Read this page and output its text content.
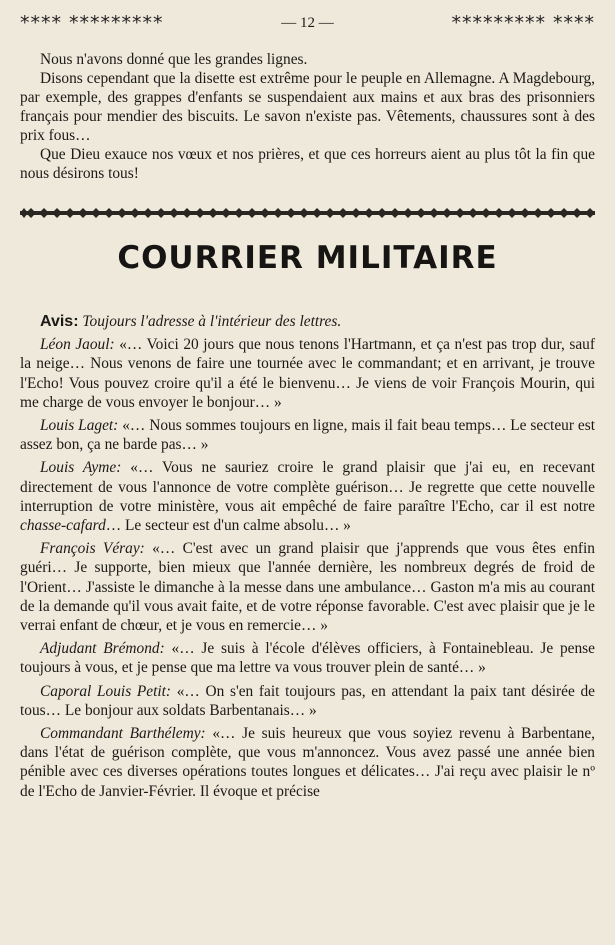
**** *********	— 12 —	********* ****

Nous n'avons donné que les grandes lignes.

Disons cependant que la disette est extrême pour le peuple en Allemagne. A Magdebourg, par exemple, des grappes d'enfants se suspendaient aux mains et aux bras des prisonniers français pour mendier des biscuits. Le savon n'existe pas. Vêtements, chaussures sont à des prix fous…

Que Dieu exauce nos vœux et nos prières, et que ces horreurs aient au plus tôt la fin que nous désirons tous!

COURRIER MILITAIRE

Avis: Toujours l'adresse à l'intérieur des lettres.

Léon Jaoul: «… Voici 20 jours que nous tenons l'Hartmann, et ça n'est pas trop dur, sauf la neige… Nous venons de faire une tournée avec le commandant; et en arrivant, je trouve l'Echo! Vous pouvez croire qu'il a été le bienvenu… Je viens de voir François Mourin, qui me charge de vous envoyer le bonjour… »

Louis Laget: «… Nous sommes toujours en ligne, mais il fait beau temps… Le secteur est assez bon, ça ne barde pas… »

Louis Ayme: «… Vous ne sauriez croire le grand plaisir que j'ai eu, en recevant directement de vous l'annonce de votre complète guérison… Je regrette que cette nouvelle interruption de votre ministère, vous ait empêché de faire paraître l'Echo, car il est notre chasse-cafard… Le secteur est d'un calme absolu… »

François Véray: «… C'est avec un grand plaisir que j'apprends que vous êtes enfin guéri… Je supporte, bien mieux que l'année dernière, les nombreux degrés de froid de l'Orient… J'assiste le dimanche à la messe dans une ambulance… Gaston m'a mis au courant de la demande qu'il vous avait faite, et de votre réponse favorable. C'est avec plaisir que je le verrai enfant de chœur, et je vous en remercie… »

Adjudant Brémond: «… Je suis à l'école d'élèves officiers, à Fontainebleau. Je pense toujours à vous, et je pense que ma lettre va vous trouver plein de santé… »

Caporal Louis Petit: «… On s'en fait toujours pas, en attendant la paix tant désirée de tous… Le bonjour aux soldats Barbentanais… »

Commandant Barthélemy: «… Je suis heureux que vous soyiez revenu à Barbentane, dans l'état de guérison complète, que vous m'annoncez. Vous avez passé une année bien pénible avec ces diverses opérations toutes longues et délicates… J'ai reçu avec plaisir le nº de l'Echo de Janvier-Février. Il évoque et précise
